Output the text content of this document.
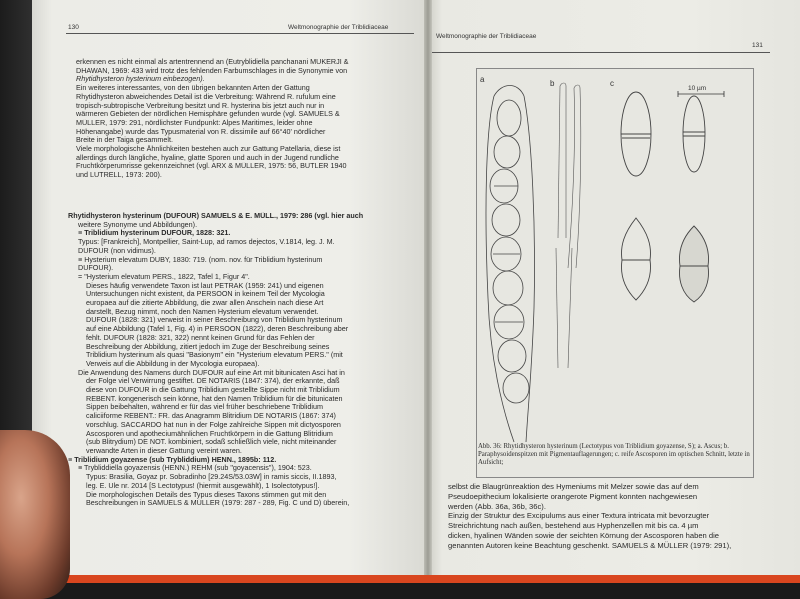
130	Weltmonographie der Triblidiaceae
erkennen es nicht einmal als artentrennend an (Eutryblidiella panchanani MUKERJI &
DHAWAN, 1969: 433 wird trotz des fehlenden Farbumschlages in die Synonymie von
Rhytidhysteron hysterinum einbezogen).
Ein weiteres interessantes, von den übrigen bekannten Arten der Gattung
Rhytidhysteron abweichendes Detail ist die Verbreitung: Während R. rufulum eine
tropisch-subtropische Verbreitung besitzt und R. hysterina bis jetzt auch nur in
wärmeren Gebieten der nördlichen Hemisphäre gefunden wurde (vgl. SAMUELS &
MÜLLER, 1979: 291, nördlichster Fundpunkt: Alpes Maritimes, leider ohne
Höhenangabe) wurde das Typusmaterial von R. dissimile auf 66°40' nördlicher
Breite in der Taiga gesammelt.
Viele morphologische Ähnlichkeiten bestehen auch zur Gattung Patellaria, diese ist
allerdings durch längliche, hyaline, glatte Sporen und auch in der Jugend rundliche
Fruchtkörperumrisse gekennzeichnet (vgl. ARX & MÜLLER, 1975: 56, BUTLER 1940
und LUTRELL, 1973: 200).
Rhytidhysteron hysterinum (DUFOUR) SAMUELS & E. MÜLL., 1979: 286 (vgl. hier auch
weitere Synonyme und Abbildungen).
≡ Triblidium hysterinum DUFOUR, 1828: 321.
Typus: [Frankreich], Montpellier, Saint-Lup, ad ramos dejectos, V.1814, leg. J. M.
DUFOUR (non vidimus).
≡ Hysterium elevatum DUBY, 1830: 719. (nom. nov. für Triblidium hysterinum
DUFOUR).
= "Hysterium elevatum PERS., 1822, Tafel 1, Figur 4".
Dieses häufig verwendete Taxon ist laut PETRAK (1959: 241) und eigenen
Untersuchungen nicht existent, da PERSOON in keinem Teil der Mycologia
europaea auf die zitierte Abbildung, die zwar allen Anschein nach diese Art
darstellt, Bezug nimmt, noch den Namen Hysterium elevatum verwendet.
DUFOUR (1828: 321) verweist in seiner Beschreibung von Triblidium hysterinum
auf eine Abbildung (Tafel 1, Fig. 4) in PERSOON (1822), deren Beschreibung aber
fehlt. DUFOUR (1828: 321, 322) nennt keinen Grund für das Fehlen der
Beschreibung der Abbildung, zitiert jedoch im Zuge der Beschreibung seines
Triblidium hysterinum als quasi "Basionym" ein "Hysterium elevatum PERS." (mit
Verweis auf die Abbildung in der Mycologia europaea).
Die Anwendung des Namens durch DUFOUR auf eine Art mit bitunicaten Asci hat in
der Folge viel Verwirrung gestiftet. DE NOTARIS (1847: 374), der erkannte, daß
diese von DUFOUR in die Gattung Triblidium gestellte Sippe nicht mit Triblidium
REBENT. kongenerisch sein könne, hat den Namen Triblidium für die bitunicaten
Sippen beibehalten, während er für das viel früher beschriebene Triblidium
caliciiforme REBENT.: FR. das Anagramm Blitridium DE NOTARIS (1867: 374)
vorschlug. SACCARDO hat nun in der Folge zahlreiche Sippen mit dictyosporen
Ascosporen und apotheciumähnlichen Fruchtkörpern in die Gattung Blitridium
(sub Blitrydium) DE NOT. kombiniert, sodaß schließlich viele, nicht miteinander
verwandte Arten in dieser Gattung vereint waren.
≡ Triblidium goyazense (sub Trybliddium) HENN., 1895b: 112.
≡ Trybliddiella goyazensis (HENN.) REHM (sub "goyacensis"), 1904: 523.
Typus: Brasilia, Goyaz pr. Sobradinho [29.24S/53.03W] in ramis siccis, II.1893,
leg. E. Ule nr. 2014 [S Lectotypus! (hiermit ausgewählt), 1 Isolectotypus!].
Die morphologischen Details des Typus dieses Taxons stimmen gut mit den
Beschreibungen in SAMUELS & MÜLLER (1979: 287 - 289, Fig. C und D) überein,
Weltmonographie der Triblidiaceae
131
a	b	c
10 µm
Abb. 36: Rhytidhysteron hysterinum (Lectotypus von Triblidium goyazense, S); a. Ascus; b. Paraphysoidenspitzen mit Pigmentauflagerungen; c. reife Ascosporen im optischen Schnitt, letzte in Aufsicht;
selbst die Blaugrünreaktion des Hymeniums mit Melzer sowie das auf dem
Pseudoepithecium lokalisierte orangerote Pigment konnten nachgewiesen
werden (Abb. 36a, 36b, 36c).
Einzig der Struktur des Excipulums aus einer Textura intricata mit bevorzugter
Streichrichtung nach außen, bestehend aus Hyphenzellen mit bis ca. 4 µm
dicken, hyalinen Wänden sowie der seichten Körnung der Ascosporen haben die
genannten Autoren keine Beachtung geschenkt. SAMUELS & MÜLLER (1979: 291),
